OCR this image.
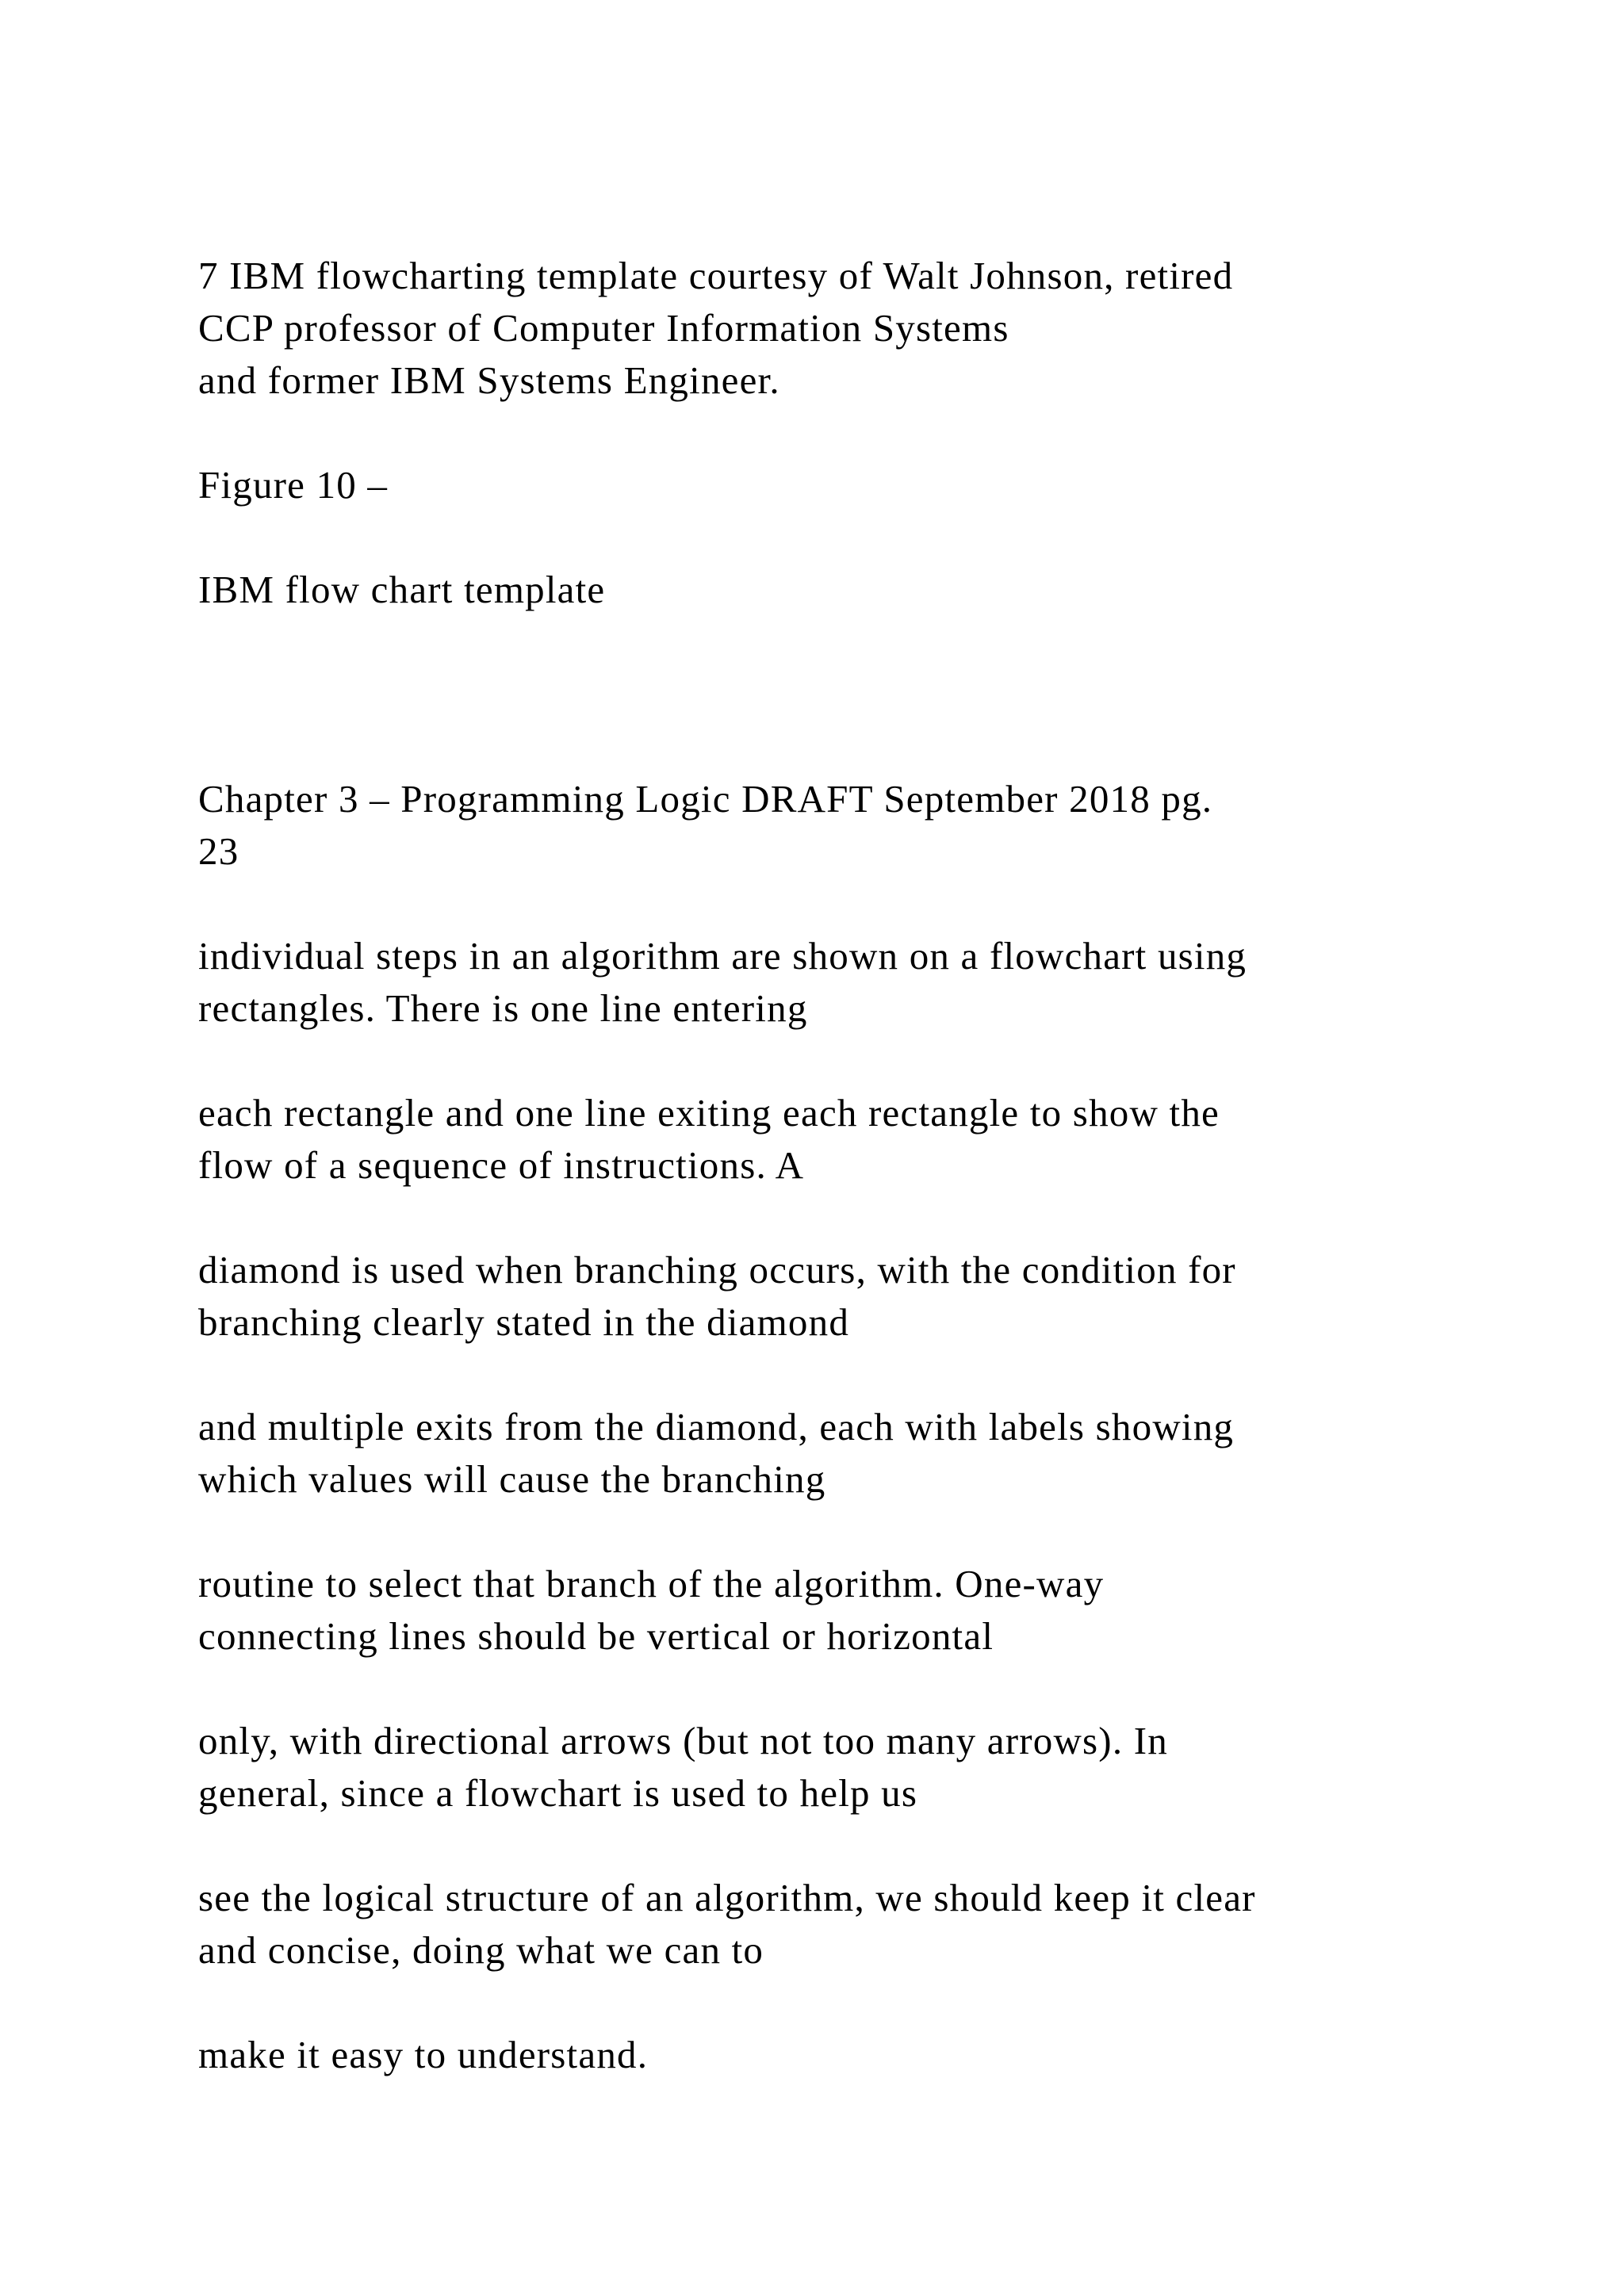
7 IBM flowcharting template courtesy of Walt Johnson, retired
CCP professor of Computer Information Systems
and former IBM Systems Engineer.

Figure 10 –

IBM flow chart template

Chapter 3 – Programming Logic DRAFT September 2018 pg.
23

individual steps in an algorithm are shown on a flowchart using
rectangles. There is one line entering

each rectangle and one line exiting each rectangle to show the
flow of a sequence of instructions. A

diamond is used when branching occurs, with the condition for
branching clearly stated in the diamond

and multiple exits from the diamond, each with labels showing
which values will cause the branching

routine to select that branch of the algorithm. One-way
connecting lines should be vertical or horizontal

only, with directional arrows (but not too many arrows). In
general, since a flowchart is used to help us

see the logical structure of an algorithm, we should keep it clear
and concise, doing what we can to

make it easy to understand.
